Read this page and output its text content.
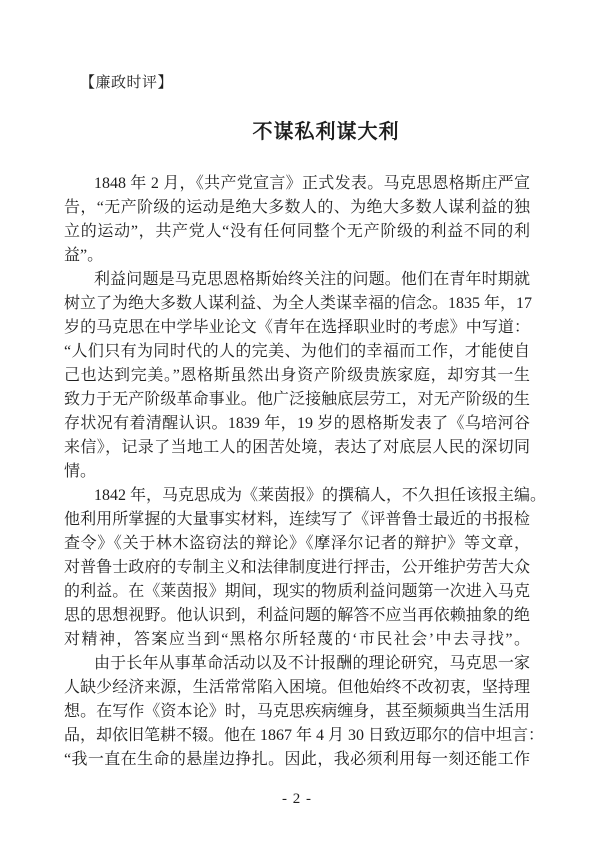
【廉政时评】
不谋私利谋大利
1848 年 2 月，《共产党宣言》正式发表。马克思恩格斯庄严宣
告，“无产阶级的运动是绝大多数人的、为绝大多数人谋利益的独
立的运动”，共产党人“没有任何同整个无产阶级的利益不同的利
益”。
利益问题是马克思恩格斯始终关注的问题。他们在青年时期就
树立了为绝大多数人谋利益、为全人类谋幸福的信念。1835 年，17
岁的马克思在中学毕业论文《青年在选择职业时的考虑》中写道：
“人们只有为同时代的人的完美、为他们的幸福而工作，才能使自
己也达到完美。”恩格斯虽然出身资产阶级贵族家庭，却穷其一生
致力于无产阶级革命事业。他广泛接触底层劳工，对无产阶级的生
存状况有着清醒认识。1839 年，19 岁的恩格斯发表了《乌培河谷
来信》，记录了当地工人的困苦处境，表达了对底层人民的深切同
情。
1842 年，马克思成为《莱茵报》的撰稿人，不久担任该报主编。
他利用所掌握的大量事实材料，连续写了《评普鲁士最近的书报检
查令》《关于林木盗窃法的辩论》《摩泽尔记者的辩护》等文章，
对普鲁士政府的专制主义和法律制度进行抨击，公开维护劳苦大众
的利益。在《莱茵报》期间，现实的物质利益问题第一次进入马克
思的思想视野。他认识到，利益问题的解答不应当再依赖抽象的绝
对精神，答案应当到“黑格尔所轻蔑的‘市民社会’中去寻找”。
由于长年从事革命活动以及不计报酬的理论研究，马克思一家
人缺少经济来源，生活常常陷入困境。但他始终不改初衷，坚持理
想。在写作《资本论》时，马克思疾病缠身，甚至频频典当生活用
品，却依旧笔耕不辍。他在 1867 年 4 月 30 日致迈耶尔的信中坦言：
“我一直在生命的悬崖边挣扎。因此，我必须利用每一刻还能工作
- 2 -
